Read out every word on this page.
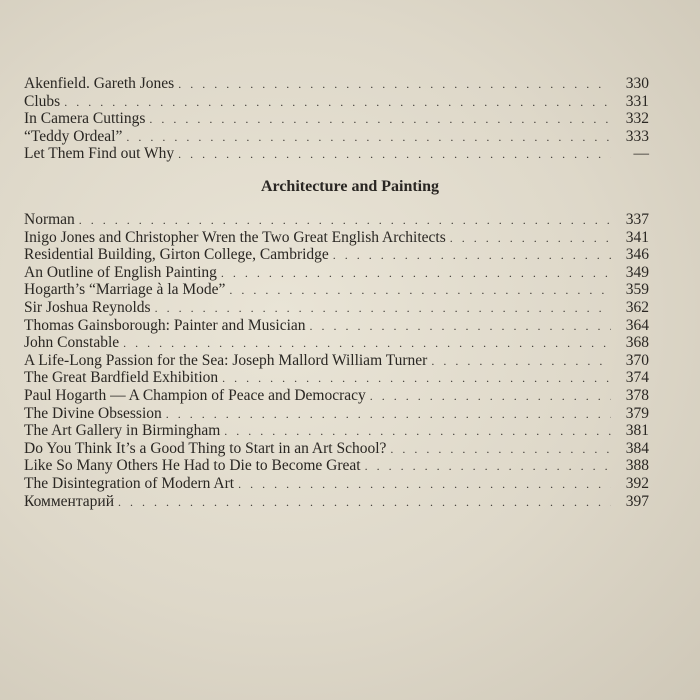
Akenfield. Gareth Jones . . .	330
Clubs . . .	331
In Camera Cuttings . . .	332
“Teddy Ordeal” . . .	333
Let Them Find out Why . . .	—
Architecture and Painting
Norman . . .	337
Inigo Jones and Christopher Wren the Two Great English Architects . . .	341
Residential Building, Girton College, Cambridge . . .	346
An Outline of English Painting . . .	349
Hogarth’s “Marriage à la Mode” . . .	359
Sir Joshua Reynolds . . .	362
Thomas Gainsborough: Painter and Musician . . .	364
John Constable . . .	368
A Life-Long Passion for the Sea: Joseph Mallord William Turner . . .	370
The Great Bardfield Exhibition . . .	374
Paul Hogarth — A Champion of Peace and Democracy . . .	378
The Divine Obsession . . .	379
The Art Gallery in Birmingham . . .	381
Do You Think It’s a Good Thing to Start in an Art School? . . .	384
Like So Many Others He Had to Die to Become Great . . .	388
The Disintegration of Modern Art . . .	392
Комментарий . . .	397
